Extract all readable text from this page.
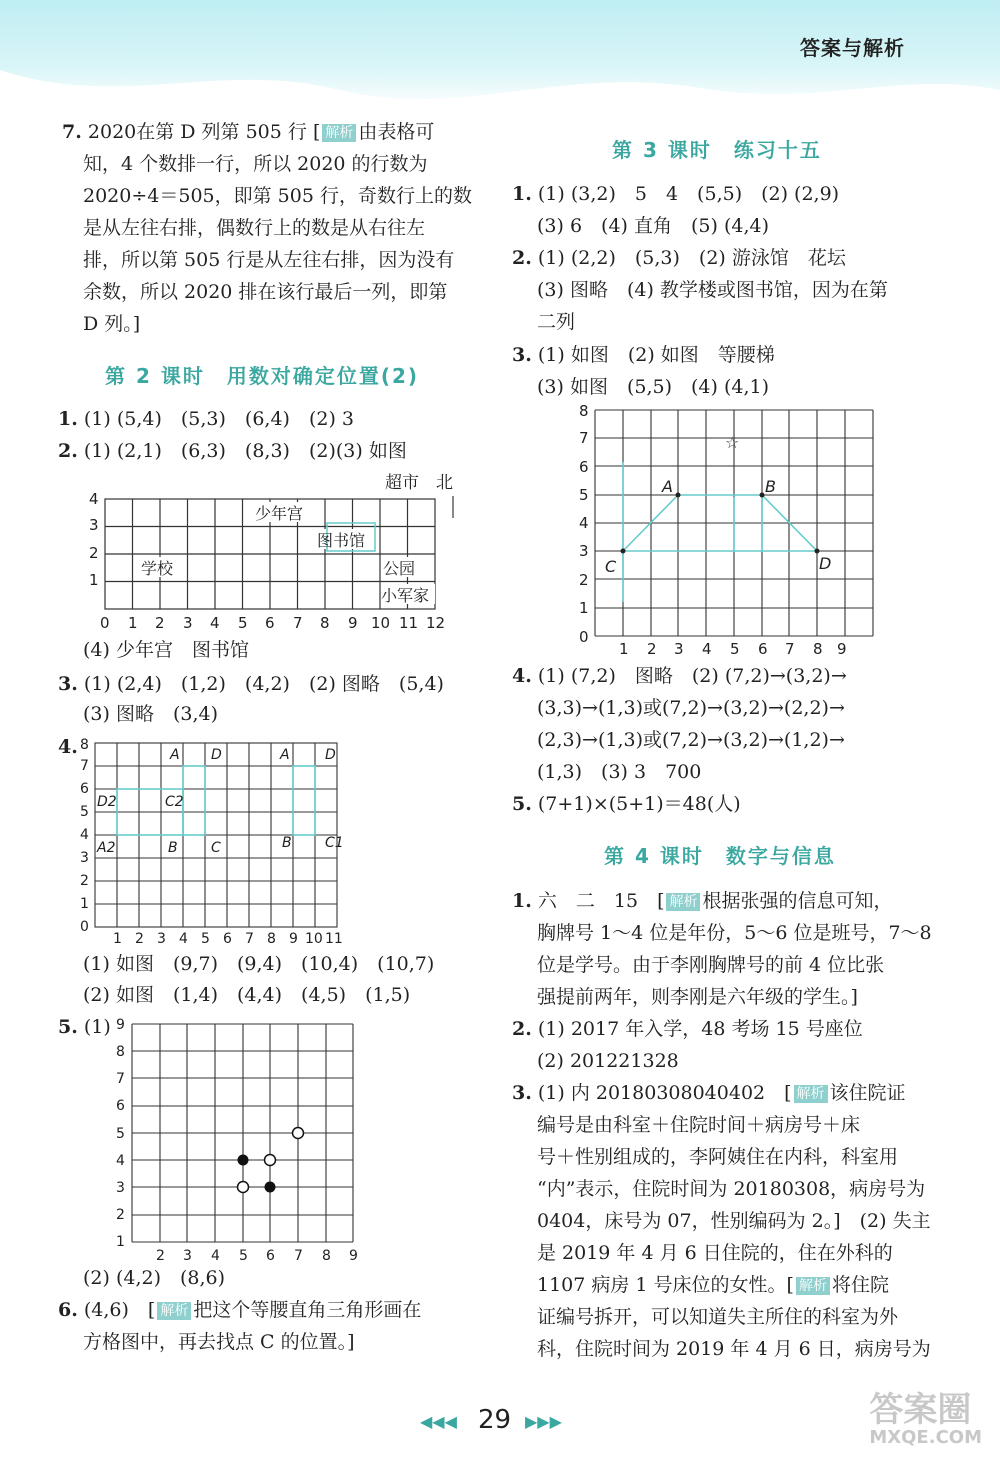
答案与解析
7. 2020在第 D 列第 505 行 [ 解析 由表格可
知，4 个数排一行，所以 2020 的行数为
2020÷4＝505，即第 505 行，奇数行上的数
是从左往右排，偶数行上的数是从右往左
排，所以第 505 行是从左往右排，因为没有
余数，所以 2020 排在该行最后一列，即第
D 列。]
第 2 课时　用数对确定位置(2)
1. (1) (5,4)　(5,3)　(6,4)　(2) 3
2. (1) (2,1)　(6,3)　(8,3)　(2)(3) 如图
超市　北
少年宫
图书馆
学校	公园
小军家
1
2
3
4
0 1 2 3 4 5 6 7 8 9 10 11 12
(4) 少年宫　图书馆
3. (1) (2,4)　(1,2)　(4,2)　(2) 图略　(5,4)
(3) 图略　(3,4)
4.	A D	A	D
D2	C2
A2	B C	B C1
0
1
2
3
4
5
6
7
8
1 2 3 4 5 6 7 8 9 10 11
(1) 如图　(9,7)　(9,4)　(10,4)　(10,7)
(2) 如图　(1,4)　(4,4)　(4,5)　(1,5)
5. (1)
1
2
3
4
5
6
7
8
9
2 3 4 5 6 7 8 9
(2) (4,2)　(8,6)
6. (4,6)　[ 解析 把这个等腰直角三角形画在
方格图中，再去找点 C 的位置。]
第 3 课时　练习十五
1. (1) (3,2)　5　4　(5,5)　(2) (2,9)
(3) 6　(4) 直角　(5) (4,4)
2. (1) (2,2)　(5,3)　(2) 游泳馆　花坛
(3) 图略　(4) 教学楼或图书馆，因为在第
二列
3. (1) 如图　(2) 如图　等腰梯
(3) 如图　(5,5)　(4) (4,1)
☆
A	B
C	D
0
1 2 3 4 5 6 7 8 9
1
2
3
4
5
6
7
8
4. (1) (7,2)　图略　(2) (7,2)→(3,2)→
(3,3)→(1,3)或(7,2)→(3,2)→(2,2)→
(2,3)→(1,3)或(7,2)→(3,2)→(1,2)→
(1,3)　(3) 3　700
5. (7+1)×(5+1)＝48(人)
第 4 课时　数字与信息
1. 六　二　15　[ 解析 根据张强的信息可知，
胸牌号 1～4 位是年份，5～6 位是班号，7～8
位是学号。由于李刚胸牌号的前 4 位比张
强提前两年，则李刚是六年级的学生。]
2. (1) 2017 年入学，48 考场 15 号座位
(2) 201221328
3. (1) 内 20180308040402　[ 解析 该住院证
编号是由科室＋住院时间＋病房号＋床
号＋性别组成的，李阿姨住在内科，科室用
“内”表示，住院时间为 20180308，病房号为
0404，床号为 07，性别编码为 2。]　(2) 失主
是 2019 年 4 月 6 日住院的，住在外科的
1107 病房 1 号床位的女性。[ 解析 将住院
证编号拆开，可以知道失主所住的科室为外
科，住院时间为 2019 年 4 月 6 日，病房号为
◀◀◀ 29 ▶▶▶	答案圈
MXQE.COM
